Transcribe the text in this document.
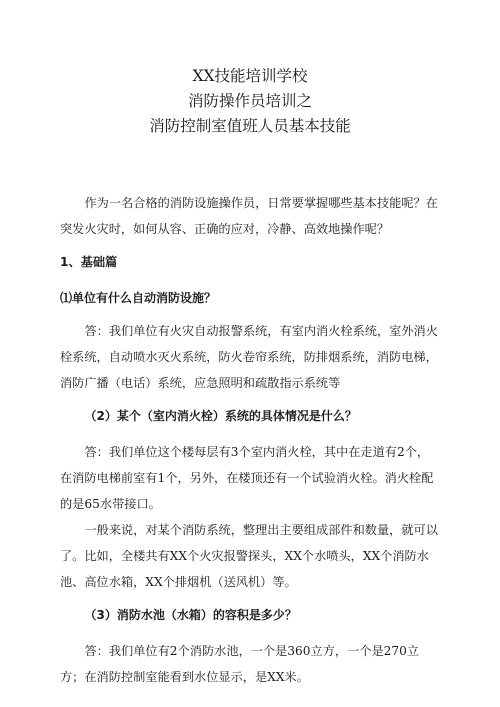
XX技能培训学校
消防操作员培训之
消防控制室值班人员基本技能

作为一名合格的消防设施操作员，日常要掌握哪些基本技能呢？在突发火灾时，如何从容、正确的应对，冷静、高效地操作呢？

1、基础篇

⑴单位有什么自动消防设施？

答：我们单位有火灾自动报警系统，有室内消火栓系统，室外消火栓系统，自动喷水灭火系统，防火卷帘系统，防排烟系统，消防电梯，消防广播（电话）系统，应急照明和疏散指示系统等

（2）某个（室内消火栓）系统的具体情况是什么？

答：我们单位这个楼每层有3个室内消火栓，其中在走道有2个，在消防电梯前室有1个，另外，在楼顶还有一个试验消火栓。消火栓配的是65水带接口。

一般来说，对某个消防系统，整理出主要组成部件和数量，就可以了。比如，全楼共有XX个火灾报警探头，XX个水喷头，XX个消防水池、高位水箱，XX个排烟机（送风机）等。

（3）消防水池（水箱）的容积是多少？

答：我们单位有2个消防水池，一个是360立方，一个是270立方；在消防控制室能看到水位显示，是XX米。
